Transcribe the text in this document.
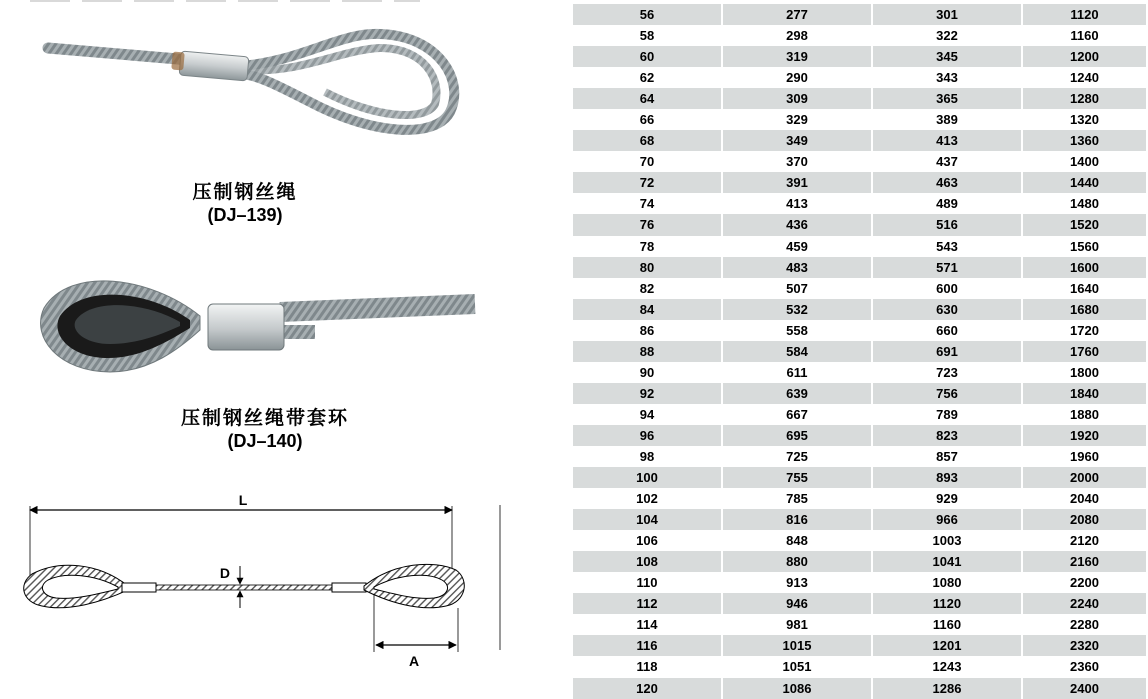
压制钢丝绳
(DJ–139)
压制钢丝绳带套环
(DJ–140)
L
D
A
56	277	301	1120
58	298	322	1160
60	319	345	1200
62	290	343	1240
64	309	365	1280
66	329	389	1320
68	349	413	1360
70	370	437	1400
72	391	463	1440
74	413	489	1480
76	436	516	1520
78	459	543	1560
80	483	571	1600
82	507	600	1640
84	532	630	1680
86	558	660	1720
88	584	691	1760
90	611	723	1800
92	639	756	1840
94	667	789	1880
96	695	823	1920
98	725	857	1960
100	755	893	2000
102	785	929	2040
104	816	966	2080
106	848	1003	2120
108	880	1041	2160
110	913	1080	2200
112	946	1120	2240
114	981	1160	2280
116	1015	1201	2320
118	1051	1243	2360
120	1086	1286	2400
